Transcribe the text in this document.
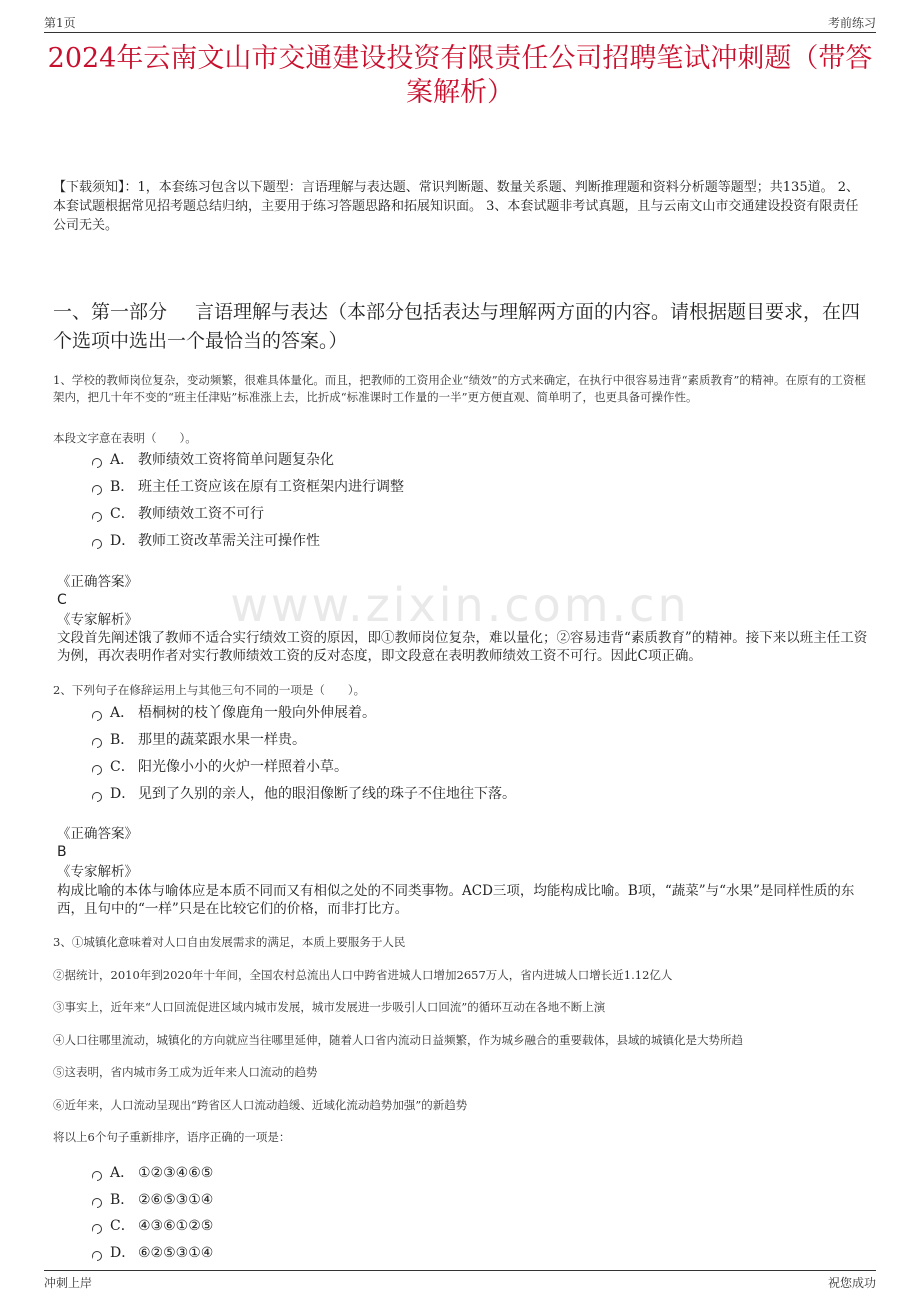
第1页	考前练习
2024年云南文山市交通建设投资有限责任公司招聘笔试冲刺题（带答案解析）
【下载须知】：1，本套练习包含以下题型：言语理解与表达题、常识判断题、数量关系题、判断推理题和资料分析题等题型；共135道。 2、本套试题根据常见招考题总结归纳，主要用于练习答题思路和拓展知识面。 3、本套试题非考试真题，且与云南文山市交通建设投资有限责任公司无关。
一、第一部分 言语理解与表达（本部分包括表达与理解两方面的内容。请根据题目要求，在四个选项中选出一个最恰当的答案。）
www.zixin.com.cn
1、学校的教师岗位复杂，变动频繁，很难具体量化。而且，把教师的工资用企业“绩效”的方式来确定，在执行中很容易违背“素质教育”的精神。在原有的工资框架内，把几十年不变的“班主任津贴”标准涨上去，比折成“标准课时工作量的一半”更方便直观、简单明了，也更具备可操作性。
本段文字意在表明（　　）。
A． 教师绩效工资将简单问题复杂化
B． 班主任工资应该在原有工资框架内进行调整
C． 教师绩效工资不可行
D． 教师工资改革需关注可操作性
《正确答案》
C
《专家解析》
文段首先阐述饿了教师不适合实行绩效工资的原因，即①教师岗位复杂，难以量化；②容易违背“素质教育”的精神。接下来以班主任工资为例，再次表明作者对实行教师绩效工资的反对态度，即文段意在表明教师绩效工资不可行。因此C项正确。
2、下列句子在修辞运用上与其他三句不同的一项是（　　）。
A． 梧桐树的枝丫像鹿角一般向外伸展着。
B． 那里的蔬菜跟水果一样贵。
C． 阳光像小小的火炉一样照着小草。
D． 见到了久别的亲人，他的眼泪像断了线的珠子不住地往下落。
《正确答案》
B
《专家解析》
构成比喻的本体与喻体应是本质不同而又有相似之处的不同类事物。ACD三项，均能构成比喻。B项，“蔬菜”与“水果”是同样性质的东西，且句中的“一样”只是在比较它们的价格，而非打比方。
3、①城镇化意味着对人口自由发展需求的满足，本质上要服务于人民
②据统计，2010年到2020年十年间，全国农村总流出人口中跨省进城人口增加2657万人，省内进城人口增长近1.12亿人
③事实上，近年来“人口回流促进区域内城市发展，城市发展进一步吸引人口回流”的循环互动在各地不断上演
④人口往哪里流动，城镇化的方向就应当往哪里延伸，随着人口省内流动日益频繁，作为城乡融合的重要载体，县域的城镇化是大势所趋
⑤这表明，省内城市务工成为近年来人口流动的趋势
⑥近年来，人口流动呈现出“跨省区人口流动趋缓、近域化流动趋势加强”的新趋势
将以上6个句子重新排序，语序正确的一项是：
A． ①②③④⑥⑤
B． ②⑥⑤③①④
C． ④③⑥①②⑤
D． ⑥②⑤③①④
冲刺上岸	祝您成功
